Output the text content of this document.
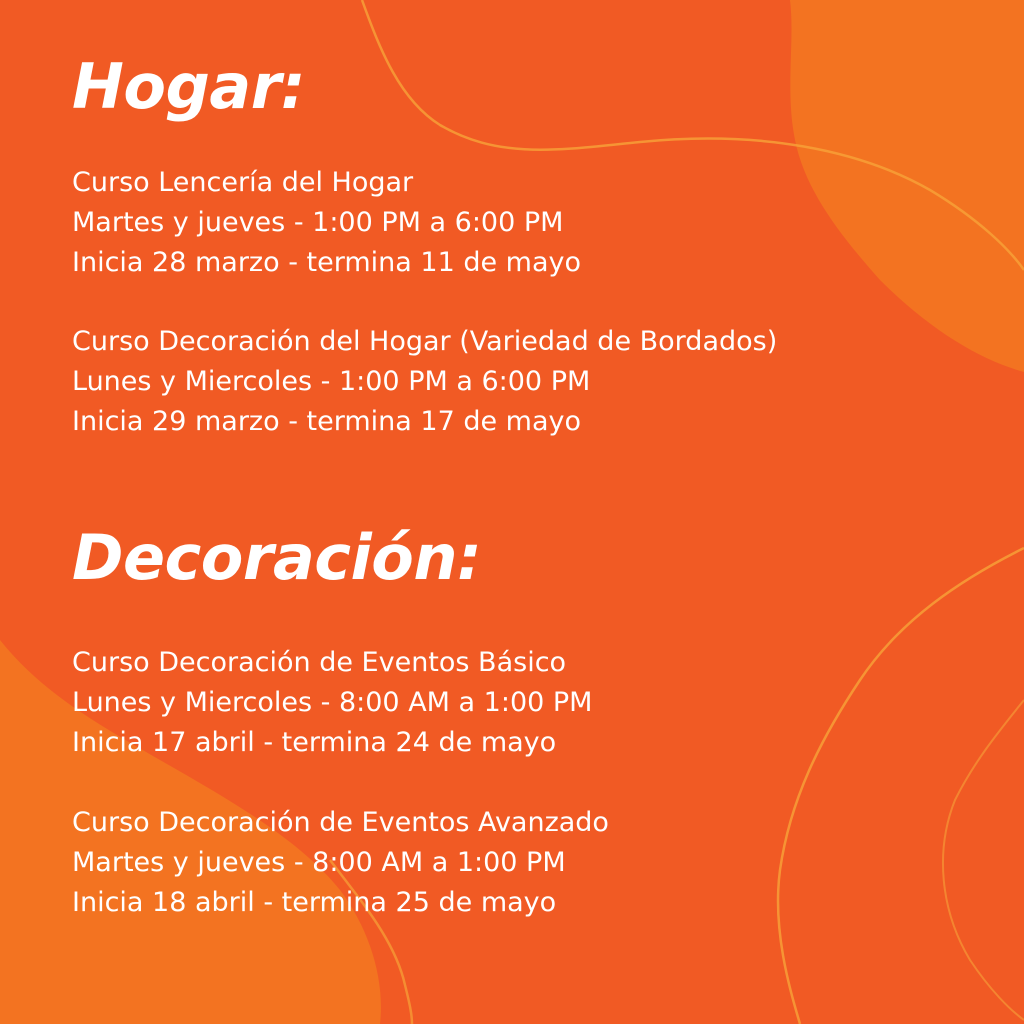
Hogar:
Curso Lencería del Hogar
Martes y jueves - 1:00 PM a 6:00 PM
Inicia 28 marzo - termina 11 de mayo
Curso Decoración del Hogar (Variedad de Bordados)
Lunes y Miercoles - 1:00 PM a 6:00 PM
Inicia 29 marzo - termina 17 de mayo
Decoración:
Curso Decoración de Eventos Básico
Lunes y Miercoles - 8:00 AM a 1:00 PM
Inicia 17 abril - termina 24 de mayo
Curso Decoración de Eventos Avanzado
Martes y jueves - 8:00 AM a 1:00 PM
Inicia 18 abril - termina 25 de mayo
